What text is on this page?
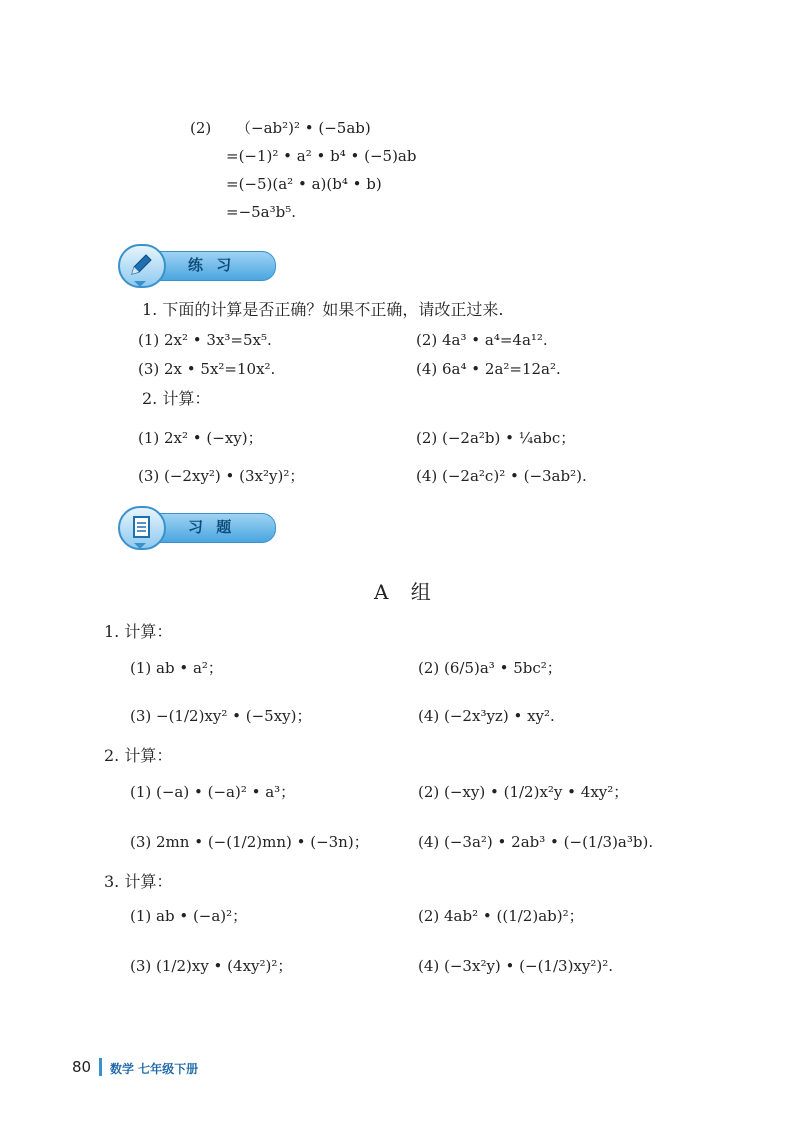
(2) （−ab²)² • (−5ab)
=(−1)² • a² • b⁴ • (−5)ab
=(−5)(a² • a)(b⁴ • b)
=−5a³b⁵.
练 习
1. 下面的计算是否正确？如果不正确，请改正过来.
(1) 2x² • 3x³=5x⁵.	(2) 4a³ • a⁴=4a¹².
(3) 2x • 5x²=10x².	(4) 6a⁴ • 2a²=12a².
2. 计算：
(1) 2x² • (−xy)；	(2) (−2a²b) • ¼abc；
(3) (−2xy²) • (3x²y)²；	(4) (−2a²c)² • (−3ab²).
习 题
A 组
1. 计算：
(1) ab • a²；	(2) (6/5)a³ • 5bc²；
(3) −(1/2)xy² • (−5xy)；	(4) (−2x³yz) • xy².
2. 计算：
(1) (−a) • (−a)² • a³；	(2) (−xy) • (1/2)x²y • 4xy²；
(3) 2mn • (−(1/2)mn) • (−3n)；	(4) (−3a²) • 2ab³ • (−(1/3)a³b).
3. 计算：
(1) ab • (−a)²；	(2) 4ab² • ((1/2)ab)²；
(3) (1/2)xy • (4xy²)²；	(4) (−3x²y) • (−(1/3)xy²)².
80 数学 七年级下册
